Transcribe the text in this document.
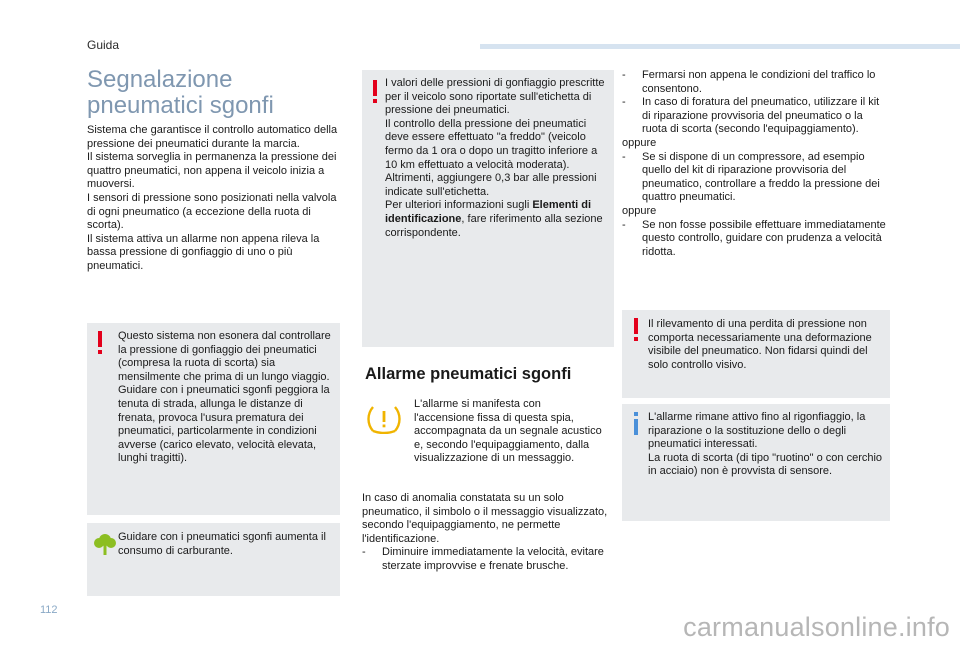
Guida
Segnalazione pneumatici sgonfi
Sistema che garantisce il controllo automatico della pressione dei pneumatici durante la marcia.
Il sistema sorveglia in permanenza la pressione dei quattro pneumatici, non appena il veicolo inizia a muoversi.
I sensori di pressione sono posizionati nella valvola di ogni pneumatico (a eccezione della ruota di scorta).
Il sistema attiva un allarme non appena rileva la bassa pressione di gonfiaggio di uno o più pneumatici.
Questo sistema non esonera dal controllare la pressione di gonfiaggio dei pneumatici (compresa la ruota di scorta) sia mensilmente che prima di un lungo viaggio.
Guidare con i pneumatici sgonfi peggiora la tenuta di strada, allunga le distanze di frenata, provoca l'usura prematura dei pneumatici, particolarmente in condizioni avverse (carico elevato, velocità elevata, lunghi tragitti).
Guidare con i pneumatici sgonfi aumenta il consumo di carburante.
I valori delle pressioni di gonfiaggio prescritte per il veicolo sono riportate sull'etichetta di pressione dei pneumatici.
Il controllo della pressione dei pneumatici deve essere effettuato "a freddo" (veicolo fermo da 1 ora o dopo un tragitto inferiore a 10 km effettuato a velocità moderata).
Altrimenti, aggiungere 0,3 bar alle pressioni indicate sull'etichetta.
Per ulteriori informazioni sugli Elementi di identificazione, fare riferimento alla sezione corrispondente.
Allarme pneumatici sgonfi
L'allarme si manifesta con l'accensione fissa di questa spia, accompagnata da un segnale acustico e, secondo l'equipaggiamento, dalla visualizzazione di un messaggio.
In caso di anomalia constatata su un solo pneumatico, il simbolo o il messaggio visualizzato, secondo l'equipaggiamento, ne permette l'identificazione.
- Diminuire immediatamente la velocità, evitare sterzate improvvise e frenate brusche.
- Fermarsi non appena le condizioni del traffico lo consentono.
- In caso di foratura del pneumatico, utilizzare il kit di riparazione provvisoria del pneumatico o la ruota di scorta (secondo l'equipaggiamento).
oppure
- Se si dispone di un compressore, ad esempio quello del kit di riparazione provvisoria del pneumatico, controllare a freddo la pressione dei quattro pneumatici.
oppure
- Se non fosse possibile effettuare immediatamente questo controllo, guidare con prudenza a velocità ridotta.
Il rilevamento di una perdita di pressione non comporta necessariamente una deformazione visibile del pneumatico. Non fidarsi quindi del solo controllo visivo.
L'allarme rimane attivo fino al rigonfiaggio, la riparazione o la sostituzione dello o degli pneumatici interessati.
La ruota di scorta (di tipo "ruotino" o con cerchio in acciaio) non è provvista di sensore.
112
carmanualsonline.info
